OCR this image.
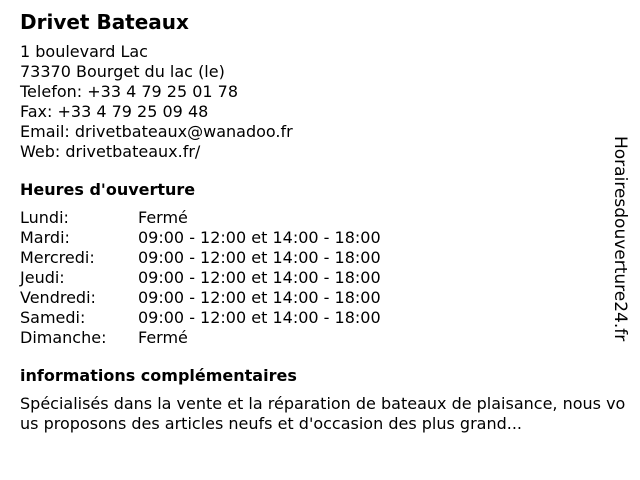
Drivet Bateaux

1 boulevard Lac

73370 Bourget du lac (le)

Telefon: +33 4 79 25 01 78

Fax: +33 4 79 25 09 48

Email: drivetbateaux@wanadoo.fr

Web: drivetbateaux.fr/

Heures d'ouverture
Lundi:	Fermé
Mardi:	09:00 - 12:00 et 14:00 - 18:00
Mercredi:	09:00 - 12:00 et 14:00 - 18:00
Jeudi:	09:00 - 12:00 et 14:00 - 18:00
Vendredi:	09:00 - 12:00 et 14:00 - 18:00
Samedi:	09:00 - 12:00 et 14:00 - 18:00
Dimanche:	Fermé
informations complémentaires

Spécialisés dans la vente et la réparation de bateaux de plaisance, nous vous proposons des articles neufs et d'occasion des plus grand...

Horairesdouverture24.fr
